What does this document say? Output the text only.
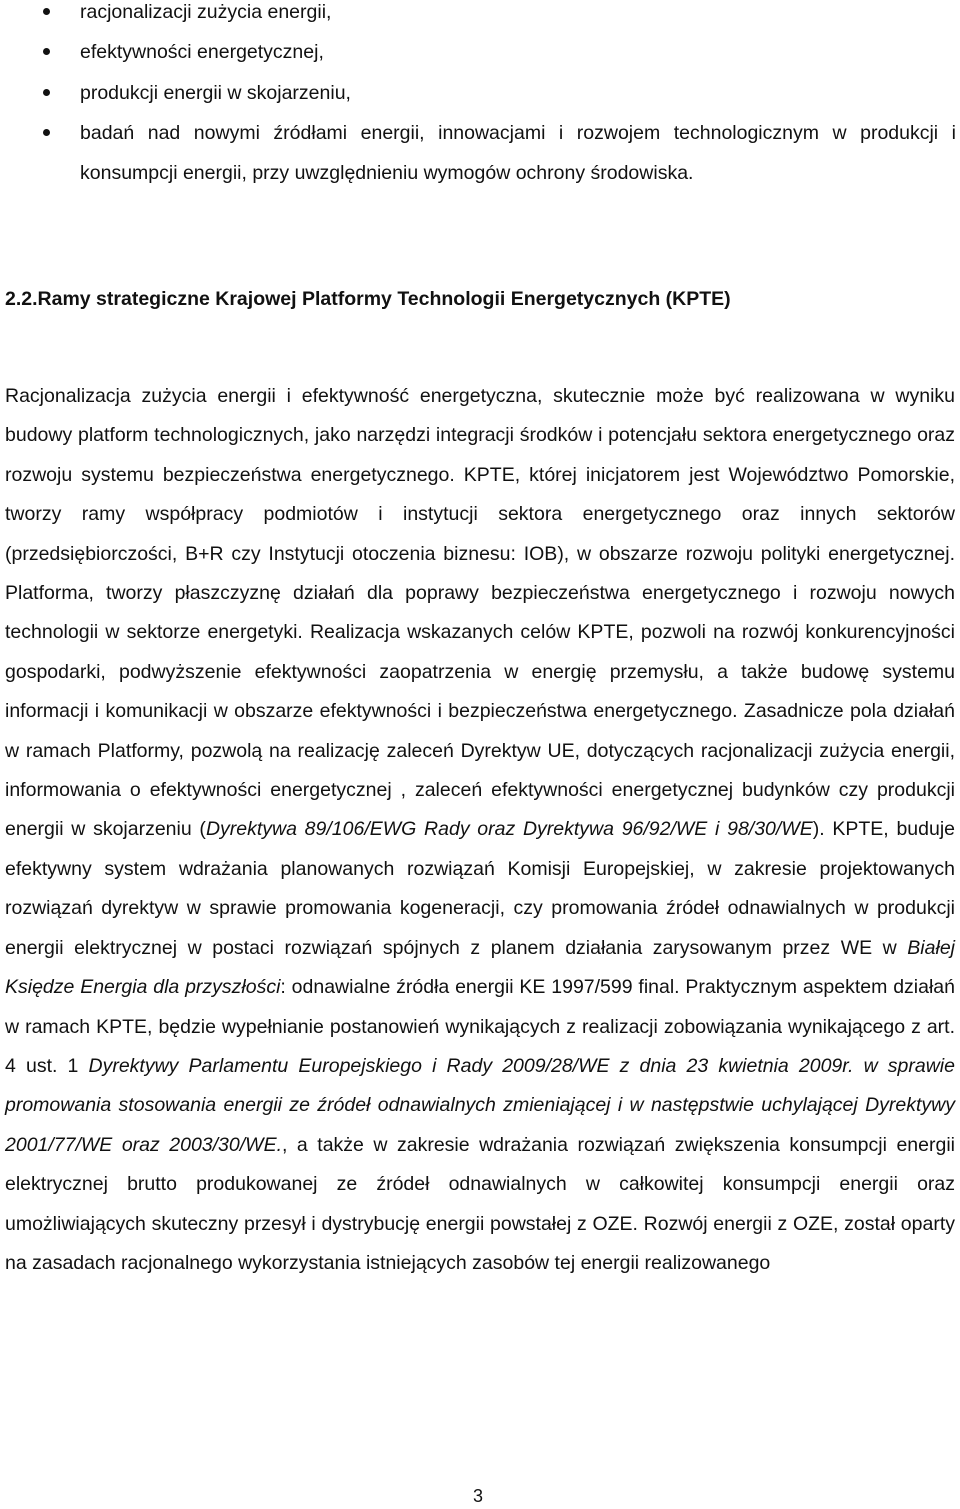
racjonalizacji zużycia energii,
efektywności energetycznej,
produkcji energii w skojarzeniu,
badań nad nowymi źródłami energii, innowacjami i rozwojem technologicznym w produkcji i konsumpcji energii, przy uwzględnieniu wymogów ochrony środowiska.
2.2.Ramy strategiczne Krajowej Platformy Technologii Energetycznych (KPTE)

Racjonalizacja zużycia energii i efektywność energetyczna, skutecznie może być realizowana w wyniku budowy platform technologicznych, jako narzędzi integracji środków i potencjału sektora energetycznego oraz rozwoju systemu bezpieczeństwa energetycznego. KPTE, której inicjatorem jest Województwo Pomorskie, tworzy ramy współpracy podmiotów i instytucji sektora energetycznego oraz innych sektorów (przedsiębiorczości, B+R czy Instytucji otoczenia biznesu: IOB), w obszarze rozwoju polityki energetycznej. Platforma, tworzy płaszczyznę działań dla poprawy bezpieczeństwa energetycznego i rozwoju nowych technologii w sektorze energetyki. Realizacja wskazanych celów KPTE, pozwoli na rozwój konkurencyjności gospodarki, podwyższenie efektywności zaopatrzenia w energię przemysłu, a także budowę systemu informacji i komunikacji w obszarze efektywności i bezpieczeństwa energetycznego. Zasadnicze pola działań w ramach Platformy, pozwolą na realizację zaleceń Dyrektyw UE, dotyczących racjonalizacji zużycia energii, informowania o efektywności energetycznej , zaleceń efektywności energetycznej budynków czy produkcji energii w skojarzeniu (Dyrektywa 89/106/EWG Rady oraz Dyrektywa 96/92/WE i 98/30/WE). KPTE, buduje efektywny system wdrażania planowanych rozwiązań Komisji Europejskiej, w zakresie projektowanych rozwiązań dyrektyw w sprawie promowania kogeneracji, czy promowania źródeł odnawialnych w produkcji energii elektrycznej w postaci rozwiązań spójnych z planem działania zarysowanym przez WE w Białej Księdze Energia dla przyszłości: odnawialne źródła energii KE 1997/599 final. Praktycznym aspektem działań w ramach KPTE, będzie wypełnianie postanowień wynikających z realizacji zobowiązania wynikającego z art. 4 ust. 1 Dyrektywy Parlamentu Europejskiego i Rady 2009/28/WE z dnia 23 kwietnia 2009r. w sprawie promowania stosowania energii ze źródeł odnawialnych zmieniającej i w następstwie uchylającej Dyrektywy 2001/77/WE oraz 2003/30/WE., a także w zakresie wdrażania rozwiązań zwiększenia konsumpcji energii elektrycznej brutto produkowanej ze źródeł odnawialnych w całkowitej konsumpcji energii oraz umożliwiających skuteczny przesył i dystrybucję energii powstałej z OZE. Rozwój energii z OZE, został oparty na zasadach racjonalnego wykorzystania istniejących zasobów tej energii realizowanego

3
